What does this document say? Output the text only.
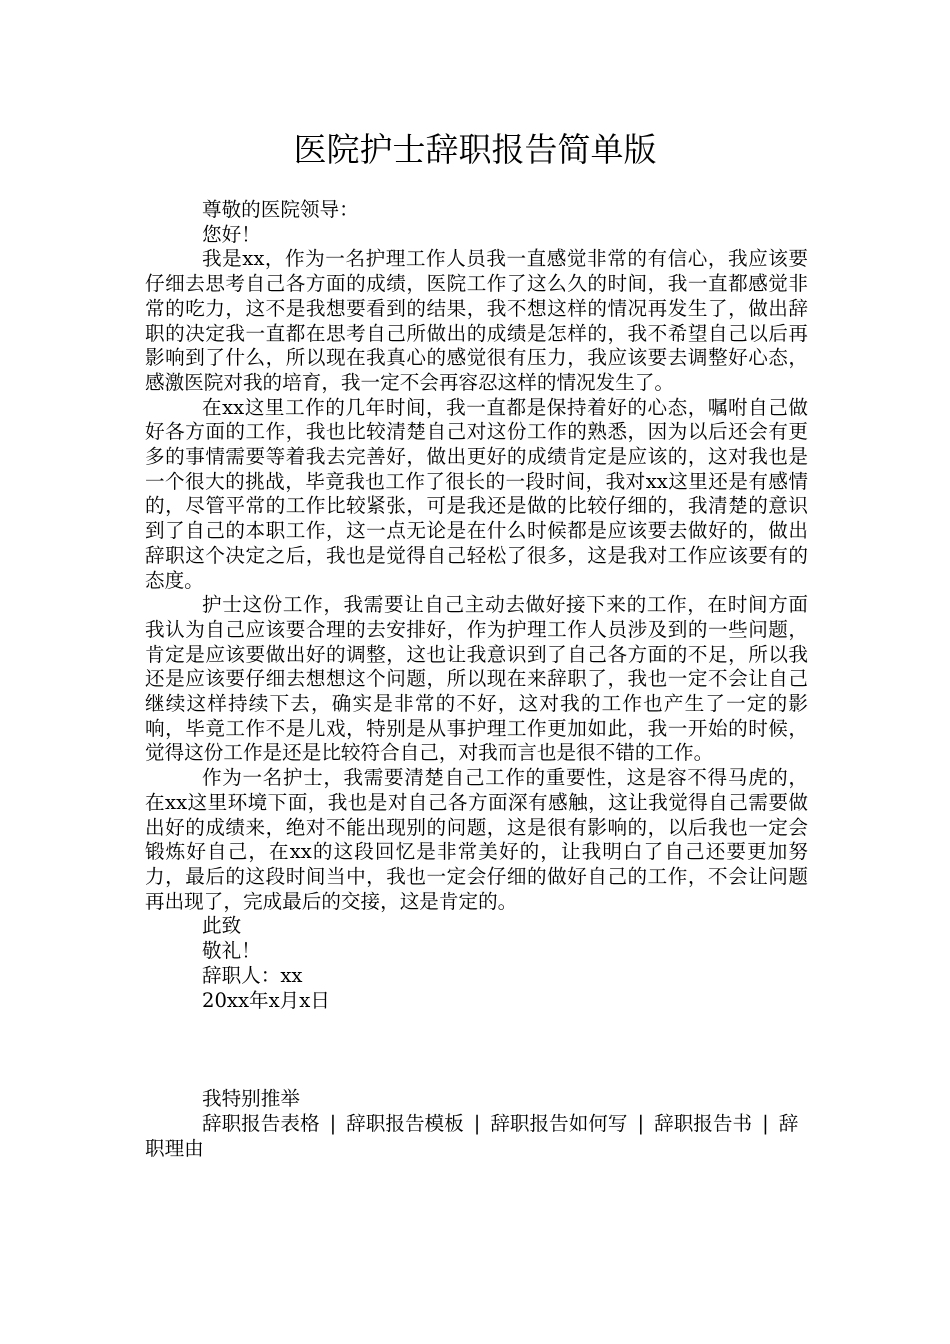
医院护士辞职报告简单版

尊敬的医院领导：

您好！

我是xx，作为一名护理工作人员我一直感觉非常的有信心，我应该要仔细去思考自己各方面的成绩，医院工作了这么久的时间，我一直都感觉非常的吃力，这不是我想要看到的结果，我不想这样的情况再发生了，做出辞职的决定我一直都在思考自己所做出的成绩是怎样的，我不希望自己以后再影响到了什么，所以现在我真心的感觉很有压力，我应该要去调整好心态，感激医院对我的培育，我一定不会再容忍这样的情况发生了。

在xx这里工作的几年时间，我一直都是保持着好的心态，嘱咐自己做好各方面的工作，我也比较清楚自己对这份工作的熟悉，因为以后还会有更多的事情需要等着我去完善好，做出更好的成绩肯定是应该的，这对我也是一个很大的挑战，毕竟我也工作了很长的一段时间，我对xx这里还是有感情的，尽管平常的工作比较紧张，可是我还是做的比较仔细的，我清楚的意识到了自己的本职工作，这一点无论是在什么时候都是应该要去做好的，做出辞职这个决定之后，我也是觉得自己轻松了很多，这是我对工作应该要有的态度。

护士这份工作，我需要让自己主动去做好接下来的工作，在时间方面我认为自己应该要合理的去安排好，作为护理工作人员涉及到的一些问题，肯定是应该要做出好的调整，这也让我意识到了自己各方面的不足，所以我还是应该要仔细去想想这个问题，所以现在来辞职了，我也一定不会让自己继续这样持续下去，确实是非常的不好，这对我的工作也产生了一定的影响，毕竟工作不是儿戏，特别是从事护理工作更加如此，我一开始的时候，觉得这份工作是还是比较符合自己，对我而言也是很不错的工作。

作为一名护士，我需要清楚自己工作的重要性，这是容不得马虎的，在xx这里环境下面，我也是对自己各方面深有感触，这让我觉得自己需要做出好的成绩来，绝对不能出现别的问题，这是很有影响的，以后我也一定会锻炼好自己，在xx的这段回忆是非常美好的，让我明白了自己还要更加努力，最后的这段时间当中，我也一定会仔细的做好自己的工作，不会让问题再出现了，完成最后的交接，这是肯定的。

此致

敬礼！

辞职人：xx

20xx年x月x日

我特别推举

辞职报告表格 | 辞职报告模板 | 辞职报告如何写 | 辞职报告书 | 辞职理由
